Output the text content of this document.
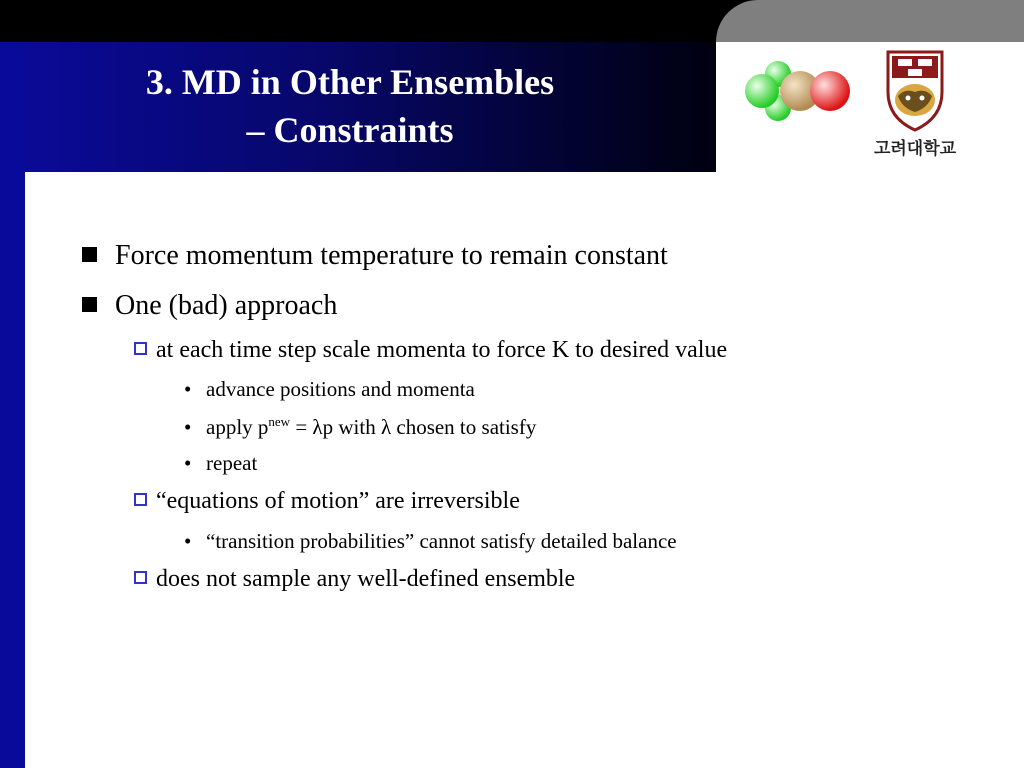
3. MD in Other Ensembles
– Constraints	고려대학교
Force momentum temperature to remain constant
One (bad) approach
at each time step scale momenta to force K to desired value
• advance positions and momenta
• apply $p^{new} = \lambda p$ with λ chosen to satisfy
• repeat
“equations of motion” are irreversible
• “transition probabilities” cannot satisfy detailed balance
does not sample any well-defined ensemble
